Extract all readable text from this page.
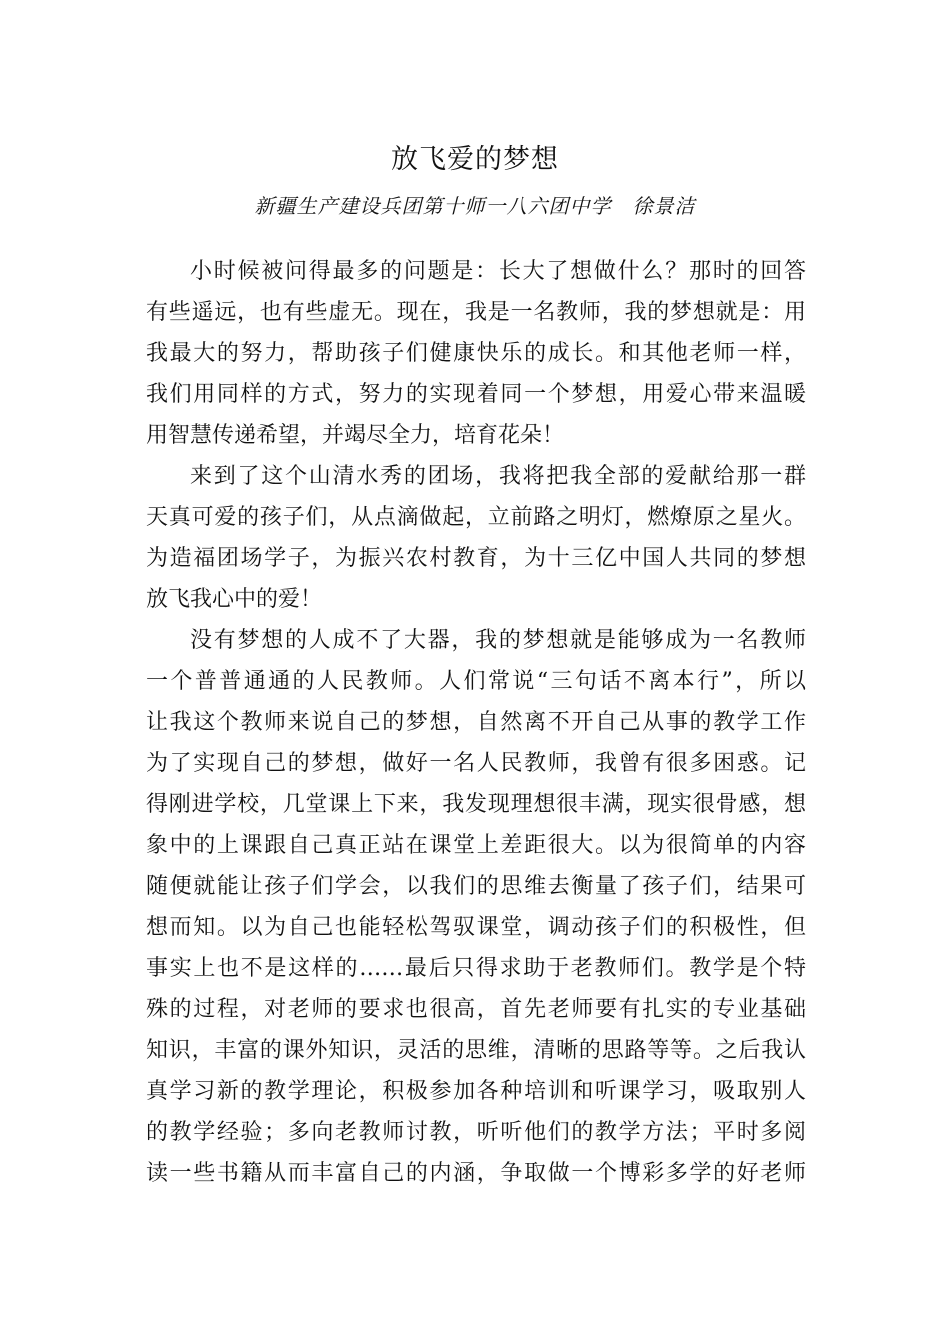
放飞爱的梦想
新疆生产建设兵团第十师一八六团中学　徐景洁
小时候被问得最多的问题是：长大了想做什么？那时的回答
有些遥远，也有些虚无。现在，我是一名教师，我的梦想就是：用
我最大的努力，帮助孩子们健康快乐的成长。和其他老师一样，
我们用同样的方式，努力的实现着同一个梦想，用爱心带来温暖
用智慧传递希望，并竭尽全力，培育花朵！
来到了这个山清水秀的团场，我将把我全部的爱献给那一群
天真可爱的孩子们，从点滴做起，立前路之明灯，燃燎原之星火。
为造福团场学子，为振兴农村教育，为十三亿中国人共同的梦想
放飞我心中的爱！
没有梦想的人成不了大器，我的梦想就是能够成为一名教师
一个普普通通的人民教师。人们常说“三句话不离本行”，所以
让我这个教师来说自己的梦想，自然离不开自己从事的教学工作
为了实现自己的梦想，做好一名人民教师，我曾有很多困惑。记
得刚进学校，几堂课上下来，我发现理想很丰满，现实很骨感，想
象中的上课跟自己真正站在课堂上差距很大。以为很简单的内容
随便就能让孩子们学会，以我们的思维去衡量了孩子们，结果可
想而知。以为自己也能轻松驾驭课堂，调动孩子们的积极性，但
事实上也不是这样的……最后只得求助于老教师们。教学是个特
殊的过程，对老师的要求也很高，首先老师要有扎实的专业基础
知识，丰富的课外知识，灵活的思维，清晰的思路等等。之后我认
真学习新的教学理论，积极参加各种培训和听课学习，吸取别人
的教学经验；多向老教师讨教，听听他们的教学方法；平时多阅
读一些书籍从而丰富自己的内涵，争取做一个博彩多学的好老师
